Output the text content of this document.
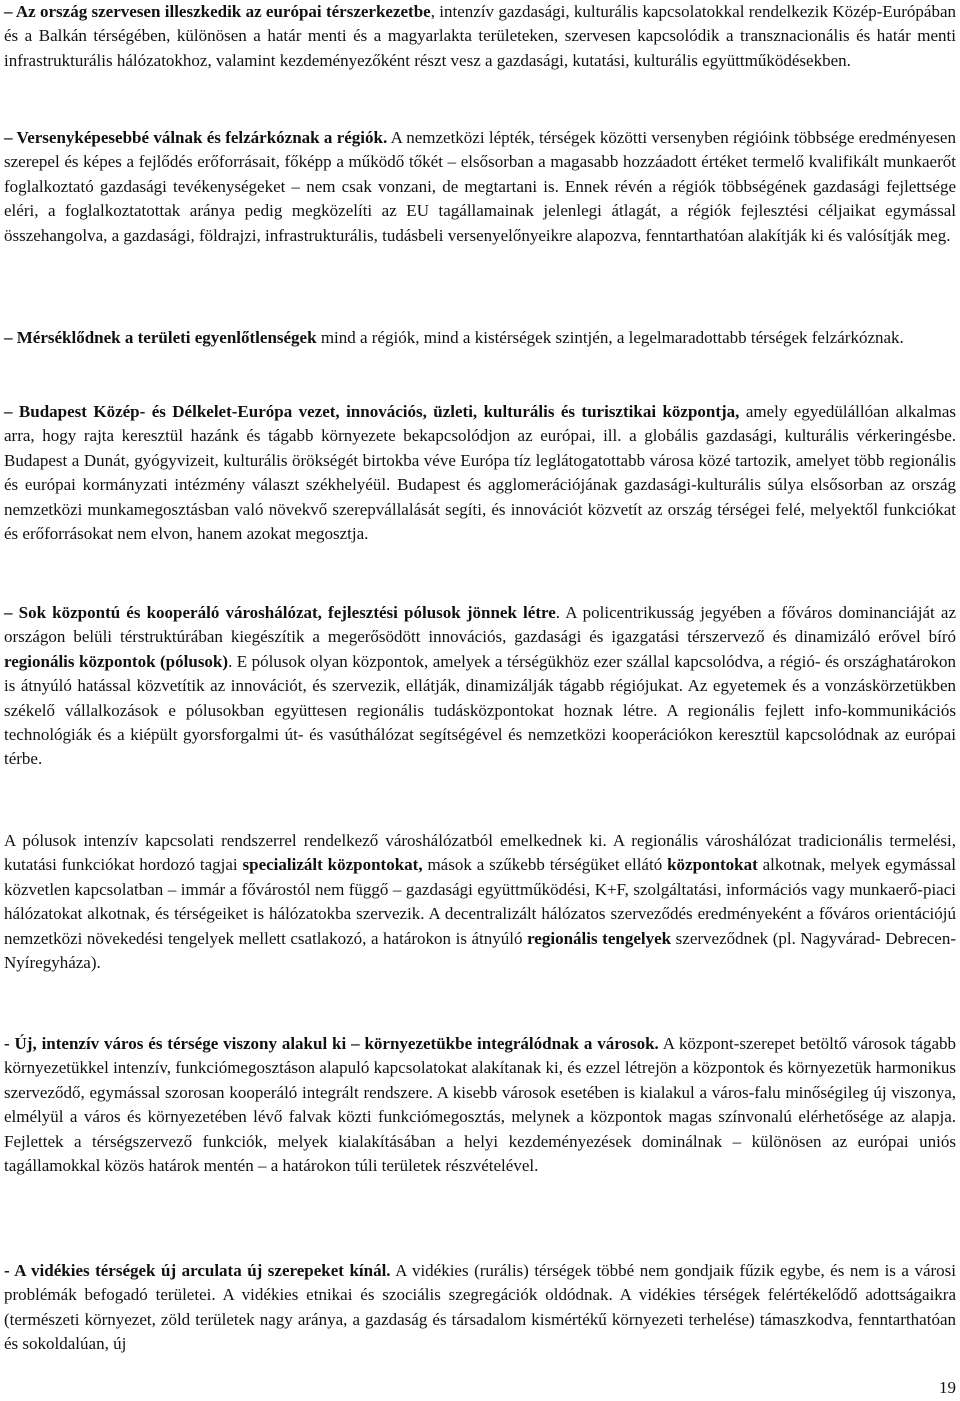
– Az ország szervesen illeszkedik az európai térszerkezetbe, intenzív gazdasági, kulturális kapcsolatokkal rendelkezik Közép-Európában és a Balkán térségében, különösen a határ menti és a magyarlakta területeken, szervesen kapcsolódik a transznacionális és határ menti infrastrukturális hálózatokhoz, valamint kezdeményezőként részt vesz a gazdasági, kutatási, kulturális együttműködésekben.

– Versenyképesebbé válnak és felzárkóznak a régiók. A nemzetközi lépték, térségek közötti versenyben régióink többsége eredményesen szerepel és képes a fejlődés erőforrásait, főképp a működő tőkét – elsősorban a magasabb hozzáadott értéket termelő kvalifikált munkaerőt foglalkoztató gazdasági tevékenységeket – nem csak vonzani, de megtartani is. Ennek révén a régiók többségének gazdasági fejlettsége eléri, a foglalkoztatottak aránya pedig megközelíti az EU tagállamainak jelenlegi átlagát, a régiók fejlesztési céljaikat egymással összehangolva, a gazdasági, földrajzi, infrastrukturális, tudásbeli versenyelőnyeikre alapozva, fenntarthatóan alakítják ki és valósítják meg.

– Mérséklődnek a területi egyenlőtlenségek mind a régiók, mind a kistérségek szintjén, a legelmaradottabb térségek felzárkóznak.

– Budapest Közép- és Délkelet-Európa vezet, innovációs, üzleti, kulturális és turisztikai központja, amely egyedülállóan alkalmas arra, hogy rajta keresztül hazánk és tágabb környezete bekapcsolódjon az európai, ill. a globális gazdasági, kulturális vérkeringésbe. Budapest a Dunát, gyógyvizeit, kulturális örökségét birtokba véve Európa tíz leglátogatottabb városa közé tartozik, amelyet több regionális és európai kormányzati intézmény választ székhelyéül. Budapest és agglomerációjának gazdasági-kulturális súlya elsősorban az ország nemzetközi munkamegosztásban való növekvő szerepvállalását segíti, és innovációt közvetít az ország térségei felé, melyektől funkciókat és erőforrásokat nem elvon, hanem azokat megosztja.

– Sok központú és kooperáló városhálózat, fejlesztési pólusok jönnek létre. A policentrikusság jegyében a főváros dominanciáját az országon belüli térstruktúrában kiegészítik a megerősödött innovációs, gazdasági és igazgatási térszervező és dinamizáló erővel bíró regionális központok (pólusok). E pólusok olyan központok, amelyek a térségükhöz ezer szállal kapcsolódva, a régió- és országhatárokon is átnyúló hatással közvetítik az innovációt, és szervezik, ellátják, dinamizálják tágabb régiójukat. Az egyetemek és a vonzáskörzetükben székelő vállalkozások e pólusokban együttesen regionális tudásközpontokat hoznak létre. A regionális fejlett info-kommunikációs technológiák és a kiépült gyorsforgalmi út- és vasúthálózat segítségével és nemzetközi kooperációkon keresztül kapcsolódnak az európai térbe.

A pólusok intenzív kapcsolati rendszerrel rendelkező városhálózatból emelkednek ki. A regionális városhálózat tradicionális termelési, kutatási funkciókat hordozó tagjai specializált központokat, mások a szűkebb térségüket ellátó központokat alkotnak, melyek egymással közvetlen kapcsolatban – immár a fővárostól nem függő – gazdasági együttműködési, K+F, szolgáltatási, információs vagy munkaerő-piaci hálózatokat alkotnak, és térségeiket is hálózatokba szervezik. A decentralizált hálózatos szerveződés eredményeként a főváros orientációjú nemzetközi növekedési tengelyek mellett csatlakozó, a határokon is átnyúló regionális tengelyek szerveződnek (pl. Nagyvárad- Debrecen-Nyíregyháza).

- Új, intenzív város és térsége viszony alakul ki – környezetükbe integrálódnak a városok. A központ-szerepet betöltő városok tágabb környezetükkel intenzív, funkciómegosztáson alapuló kapcsolatokat alakítanak ki, és ezzel létrejön a központok és környezetük harmonikus szerveződő, egymással szorosan kooperáló integrált rendszere. A kisebb városok esetében is kialakul a város-falu minőségileg új viszonya, elmélyül a város és környezetében lévő falvak közti funkciómegosztás, melynek a központok magas színvonalú elérhetősége az alapja. Fejlettek a térségszervező funkciók, melyek kialakításában a helyi kezdeményezések dominálnak – különösen az európai uniós tagállamokkal közös határok mentén – a határokon túli területek részvételével.

- A vidékies térségek új arculata új szerepeket kínál. A vidékies (rurális) térségek többé nem gondjaik fűzik egybe, és nem is a városi problémák befogadó területei. A vidékies etnikai és szociális szegregációk oldódnak. A vidékies térségek felértékelődő adottságaikra (természeti környezet, zöld területek nagy aránya, a gazdaság és társadalom kismértékű környezeti terhelése) támaszkodva, fenntarthatóan és sokoldalúan, új

19
